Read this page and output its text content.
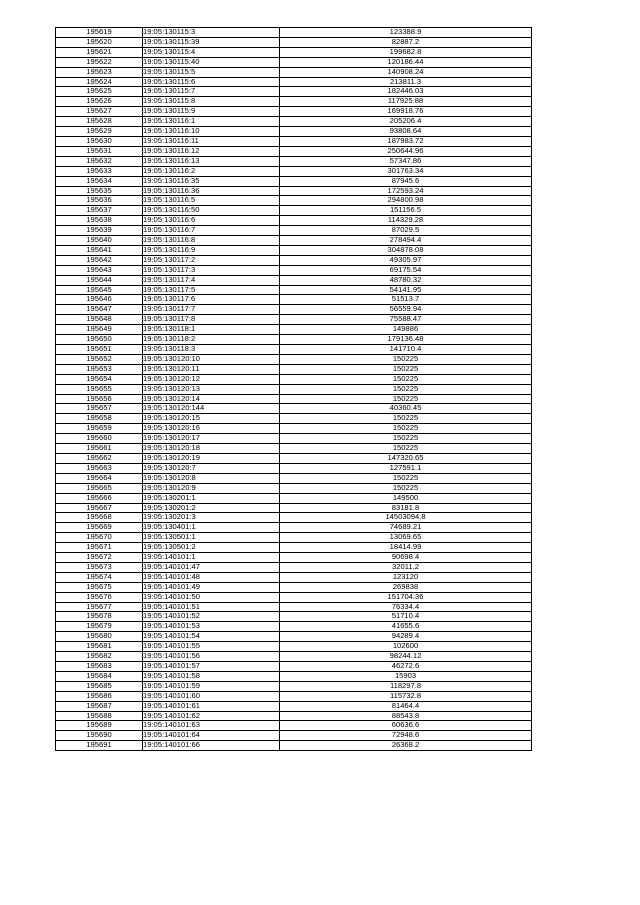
195619	19:05:130115:3	123388.9
195620	19:05:130115:39	82887.2
195621	19:05:130115:4	199682.8
195622	19:05:130115:40	120186.44
195623	19:05:130115:5	140908.24
195624	19:05:130115:6	213811.3
195625	19:05:130115:7	182446.03
195626	19:05:130115:8	117925.88
195627	19:05:130115:9	169918.76
195628	19:05:130116:1	205206.4
195629	19:05:130116:10	93808.64
195630	19:05:130116:11	187983.72
195631	19:05:130116:12	250644.96
195632	19:05:130116:13	57347.86
195633	19:05:130116:2	301763.34
195634	19:05:130116:35	87945.6
195635	19:05:130116:36	172593.24
195636	19:05:130116:5	294800.98
195637	19:05:130116:50	151156.5
195638	19:05:130116:6	114329.28
195639	19:05:130116:7	87029.5
195640	19:05:130116:8	278494.4
195641	19:05:130116:9	304878.08
195642	19:05:130117:2	49305.97
195643	19:05:130117:3	69175.54
195644	19:05:130117:4	48780.32
195645	19:05:130117:5	54141.95
195646	19:05:130117:6	51513.7
195647	19:05:130117:7	56559.94
195648	19:05:130117:8	75588.47
195649	19:05:130118:1	149886
195650	19:05:130118:2	179136.48
195651	19:05:130118:3	141710.4
195652	19:05:130120:10	150225
195653	19:05:130120:11	150225
195654	19:05:130120:12	150225
195655	19:05:130120:13	150225
195656	19:05:130120:14	150225
195657	19:05:130120:144	40360.45
195658	19:05:130120:15	150225
195659	19:05:130120:16	150225
195660	19:05:130120:17	150225
195661	19:05:130120:18	150225
195662	19:05:130120:19	147320.65
195663	19:05:130120:7	127591.1
195664	19:05:130120:8	150225
195665	19:05:130120:9	150225
195666	19:05:130201:1	149500
195667	19:05:130201:2	83181.8
195668	19:05:130201:3	14503094.8
195669	19:05:130401:1	74689.21
195670	19:05:130501:1	13069.65
195671	19:05:130501:2	18414.99
195672	19:05:140101:1	90698.4
195673	19:05:140101:47	32011.2
195674	19:05:140101:48	123120
195675	19:05:140101:49	269838
195676	19:05:140101:50	151704.36
195677	19:05:140101:51	76334.4
195678	19:05:140101:52	51710.4
195679	19:05:140101:53	41655.6
195680	19:05:140101:54	94289.4
195681	19:05:140101:55	102600
195682	19:05:140101:56	98244.12
195683	19:05:140101:57	46272.6
195684	19:05:140101:58	15903
195685	19:05:140101:59	118297.8
195686	19:05:140101:60	115732.8
195687	19:05:140101:61	81464.4
195688	19:05:140101:62	88543.8
195689	19:05:140101:63	60636.6
195690	19:05:140101:64	72948.6
195691	19:05:140101:66	26368.2
